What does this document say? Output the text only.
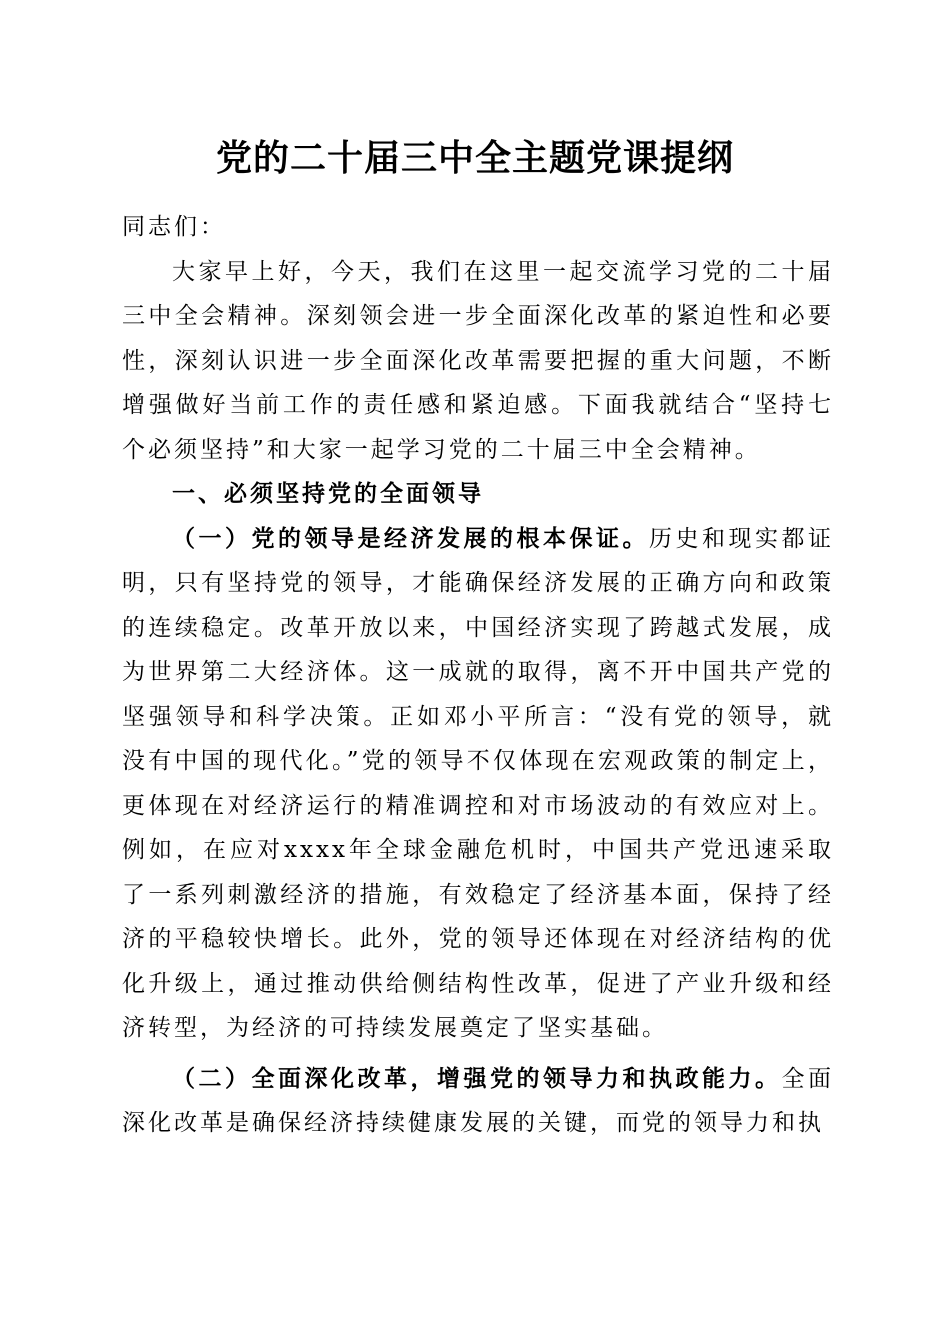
党的二十届三中全主题党课提纲

同志们：

大家早上好，今天，我们在这里一起交流学习党的二十届三中全会精神。深刻领会进一步全面深化改革的紧迫性和必要性，深刻认识进一步全面深化改革需要把握的重大问题，不断增强做好当前工作的责任感和紧迫感。下面我就结合“坚持七个必须坚持”和大家一起学习党的二十届三中全会精神。

一、必须坚持党的全面领导

（一）党的领导是经济发展的根本保证。历史和现实都证明，只有坚持党的领导，才能确保经济发展的正确方向和政策的连续稳定。改革开放以来，中国经济实现了跨越式发展，成为世界第二大经济体。这一成就的取得，离不开中国共产党的坚强领导和科学决策。正如邓小平所言：“没有党的领导，就没有中国的现代化。”党的领导不仅体现在宏观政策的制定上，更体现在对经济运行的精准调控和对市场波动的有效应对上。例如，在应对xxxx年全球金融危机时，中国共产党迅速采取了一系列刺激经济的措施，有效稳定了经济基本面，保持了经济的平稳较快增长。此外，党的领导还体现在对经济结构的优化升级上，通过推动供给侧结构性改革，促进了产业升级和经济转型，为经济的可持续发展奠定了坚实基础。

（二）全面深化改革，增强党的领导力和执政能力。全面深化改革是确保经济持续健康发展的关键，而党的领导力和执
